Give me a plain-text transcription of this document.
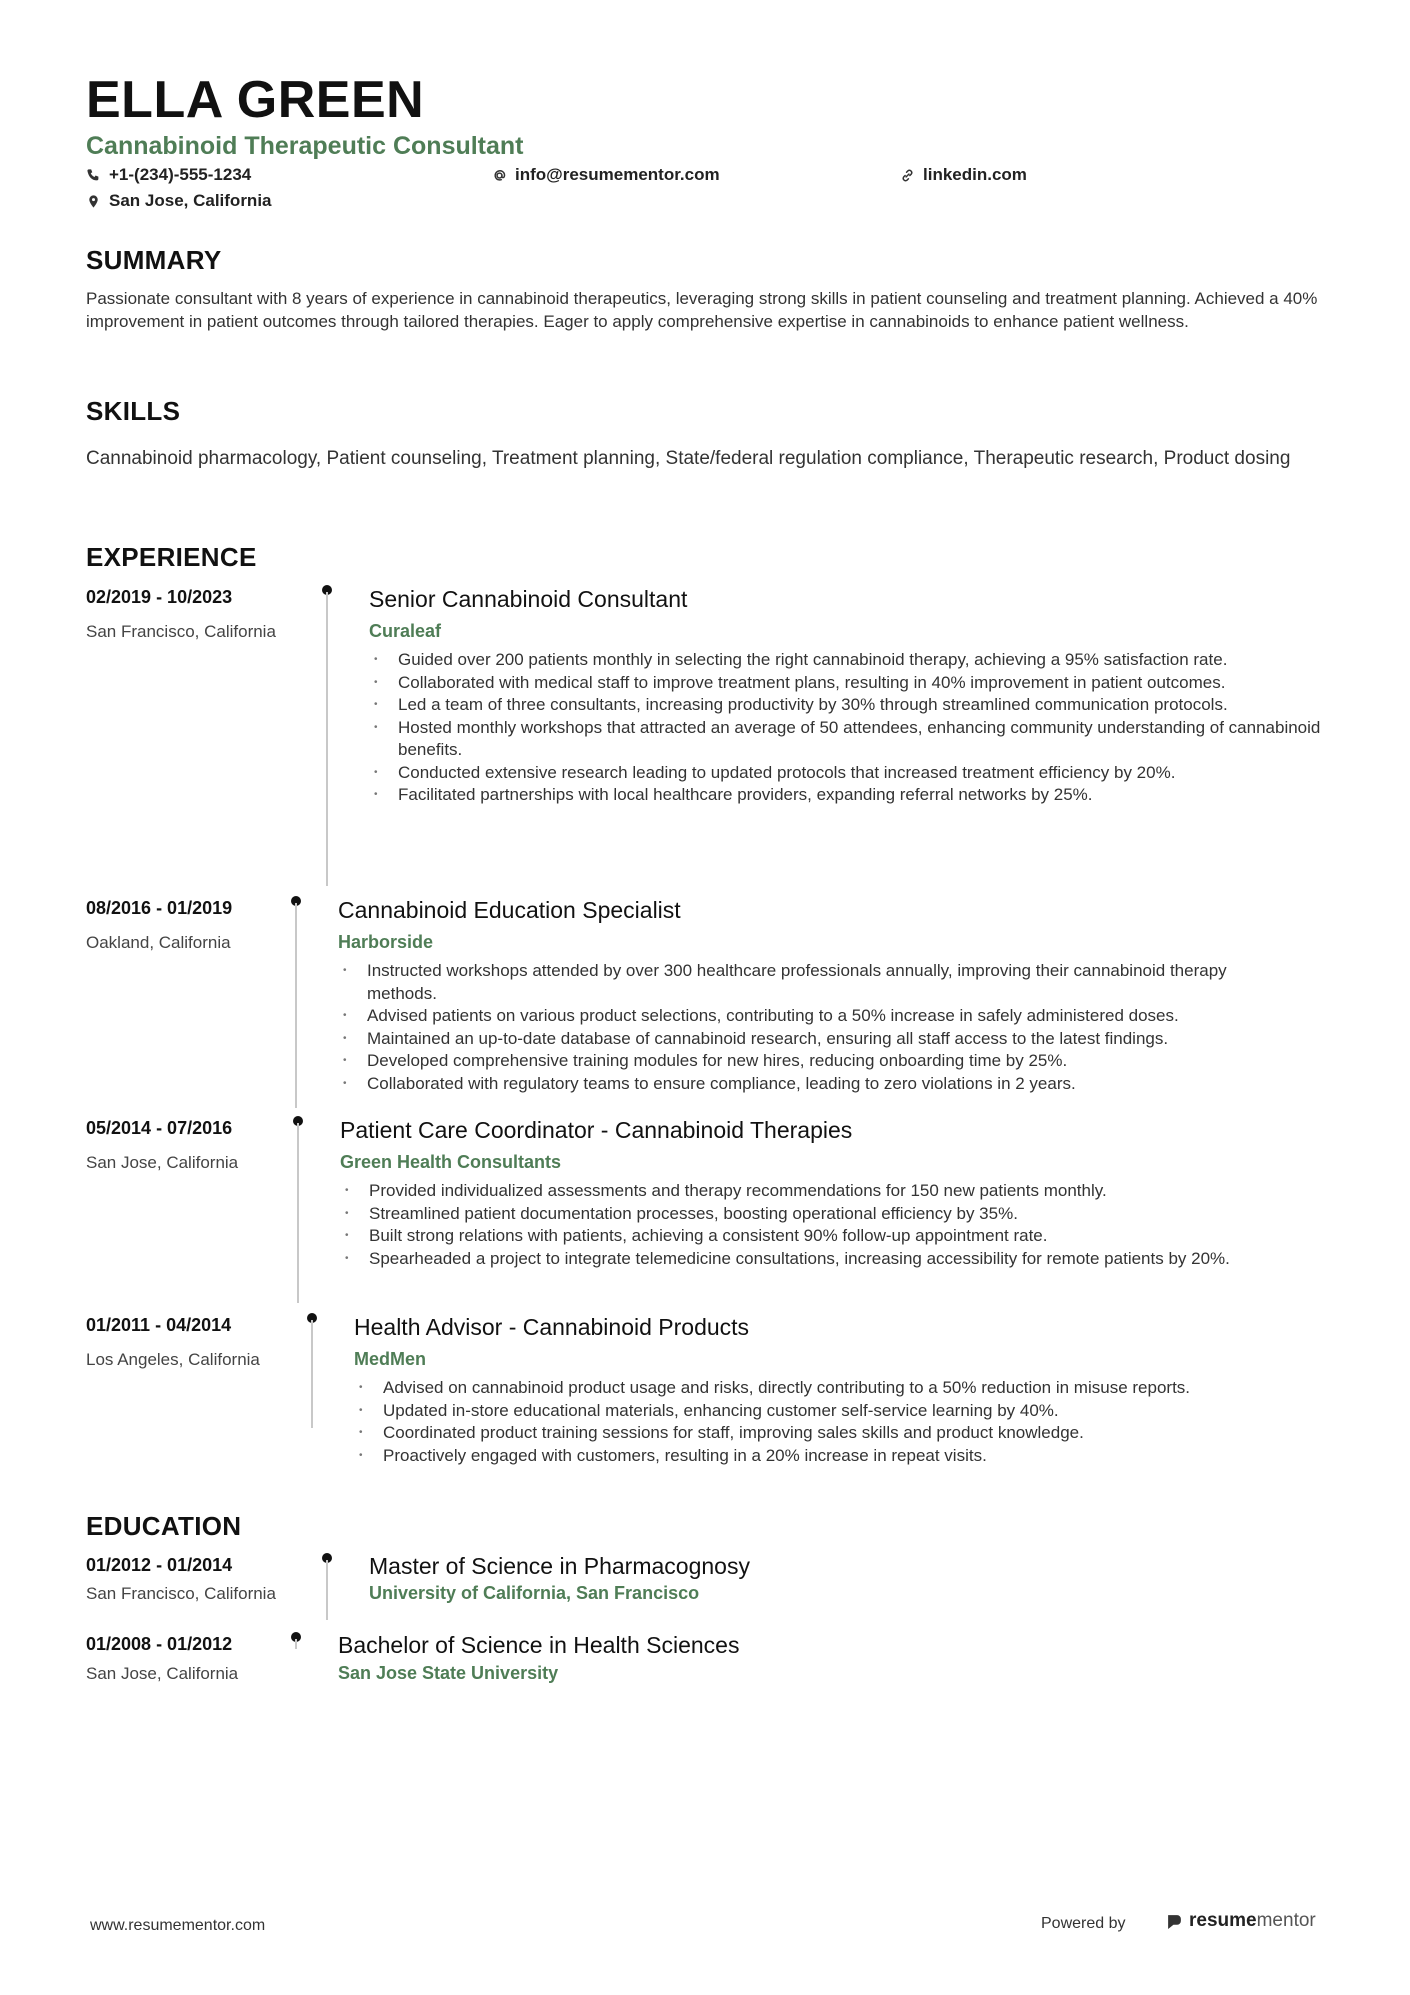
ELLA GREEN
Cannabinoid Therapeutic Consultant
+1-(234)-555-1234	info@resumementor.com	linkedin.com
San Jose, California
SUMMARY
Passionate consultant with 8 years of experience in cannabinoid therapeutics, leveraging strong skills in patient counseling and treatment planning. Achieved a 40% improvement in patient outcomes through tailored therapies. Eager to apply comprehensive expertise in cannabinoids to enhance patient wellness.
SKILLS
Cannabinoid pharmacology, Patient counseling, Treatment planning, State/federal regulation compliance, Therapeutic research, Product dosing
EXPERIENCE
02/2019 - 10/2023
San Francisco, California
Senior Cannabinoid Consultant
Curaleaf
• Guided over 200 patients monthly in selecting the right cannabinoid therapy, achieving a 95% satisfaction rate.
• Collaborated with medical staff to improve treatment plans, resulting in 40% improvement in patient outcomes.
• Led a team of three consultants, increasing productivity by 30% through streamlined communication protocols.
• Hosted monthly workshops that attracted an average of 50 attendees, enhancing community understanding of cannabinoid benefits.
• Conducted extensive research leading to updated protocols that increased treatment efficiency by 20%.
• Facilitated partnerships with local healthcare providers, expanding referral networks by 25%.
08/2016 - 01/2019
Oakland, California
Cannabinoid Education Specialist
Harborside
• Instructed workshops attended by over 300 healthcare professionals annually, improving their cannabinoid therapy methods.
• Advised patients on various product selections, contributing to a 50% increase in safely administered doses.
• Maintained an up-to-date database of cannabinoid research, ensuring all staff access to the latest findings.
• Developed comprehensive training modules for new hires, reducing onboarding time by 25%.
• Collaborated with regulatory teams to ensure compliance, leading to zero violations in 2 years.
05/2014 - 07/2016
San Jose, California
Patient Care Coordinator - Cannabinoid Therapies
Green Health Consultants
• Provided individualized assessments and therapy recommendations for 150 new patients monthly.
• Streamlined patient documentation processes, boosting operational efficiency by 35%.
• Built strong relations with patients, achieving a consistent 90% follow-up appointment rate.
• Spearheaded a project to integrate telemedicine consultations, increasing accessibility for remote patients by 20%.
01/2011 - 04/2014
Los Angeles, California
Health Advisor - Cannabinoid Products
MedMen
• Advised on cannabinoid product usage and risks, directly contributing to a 50% reduction in misuse reports.
• Updated in-store educational materials, enhancing customer self-service learning by 40%.
• Coordinated product training sessions for staff, improving sales skills and product knowledge.
• Proactively engaged with customers, resulting in a 20% increase in repeat visits.
EDUCATION
01/2012 - 01/2014
San Francisco, California
Master of Science in Pharmacognosy
University of California, San Francisco
01/2008 - 01/2012
San Jose, California
Bachelor of Science in Health Sciences
San Jose State University
www.resumementor.com	Powered by	resumementor
